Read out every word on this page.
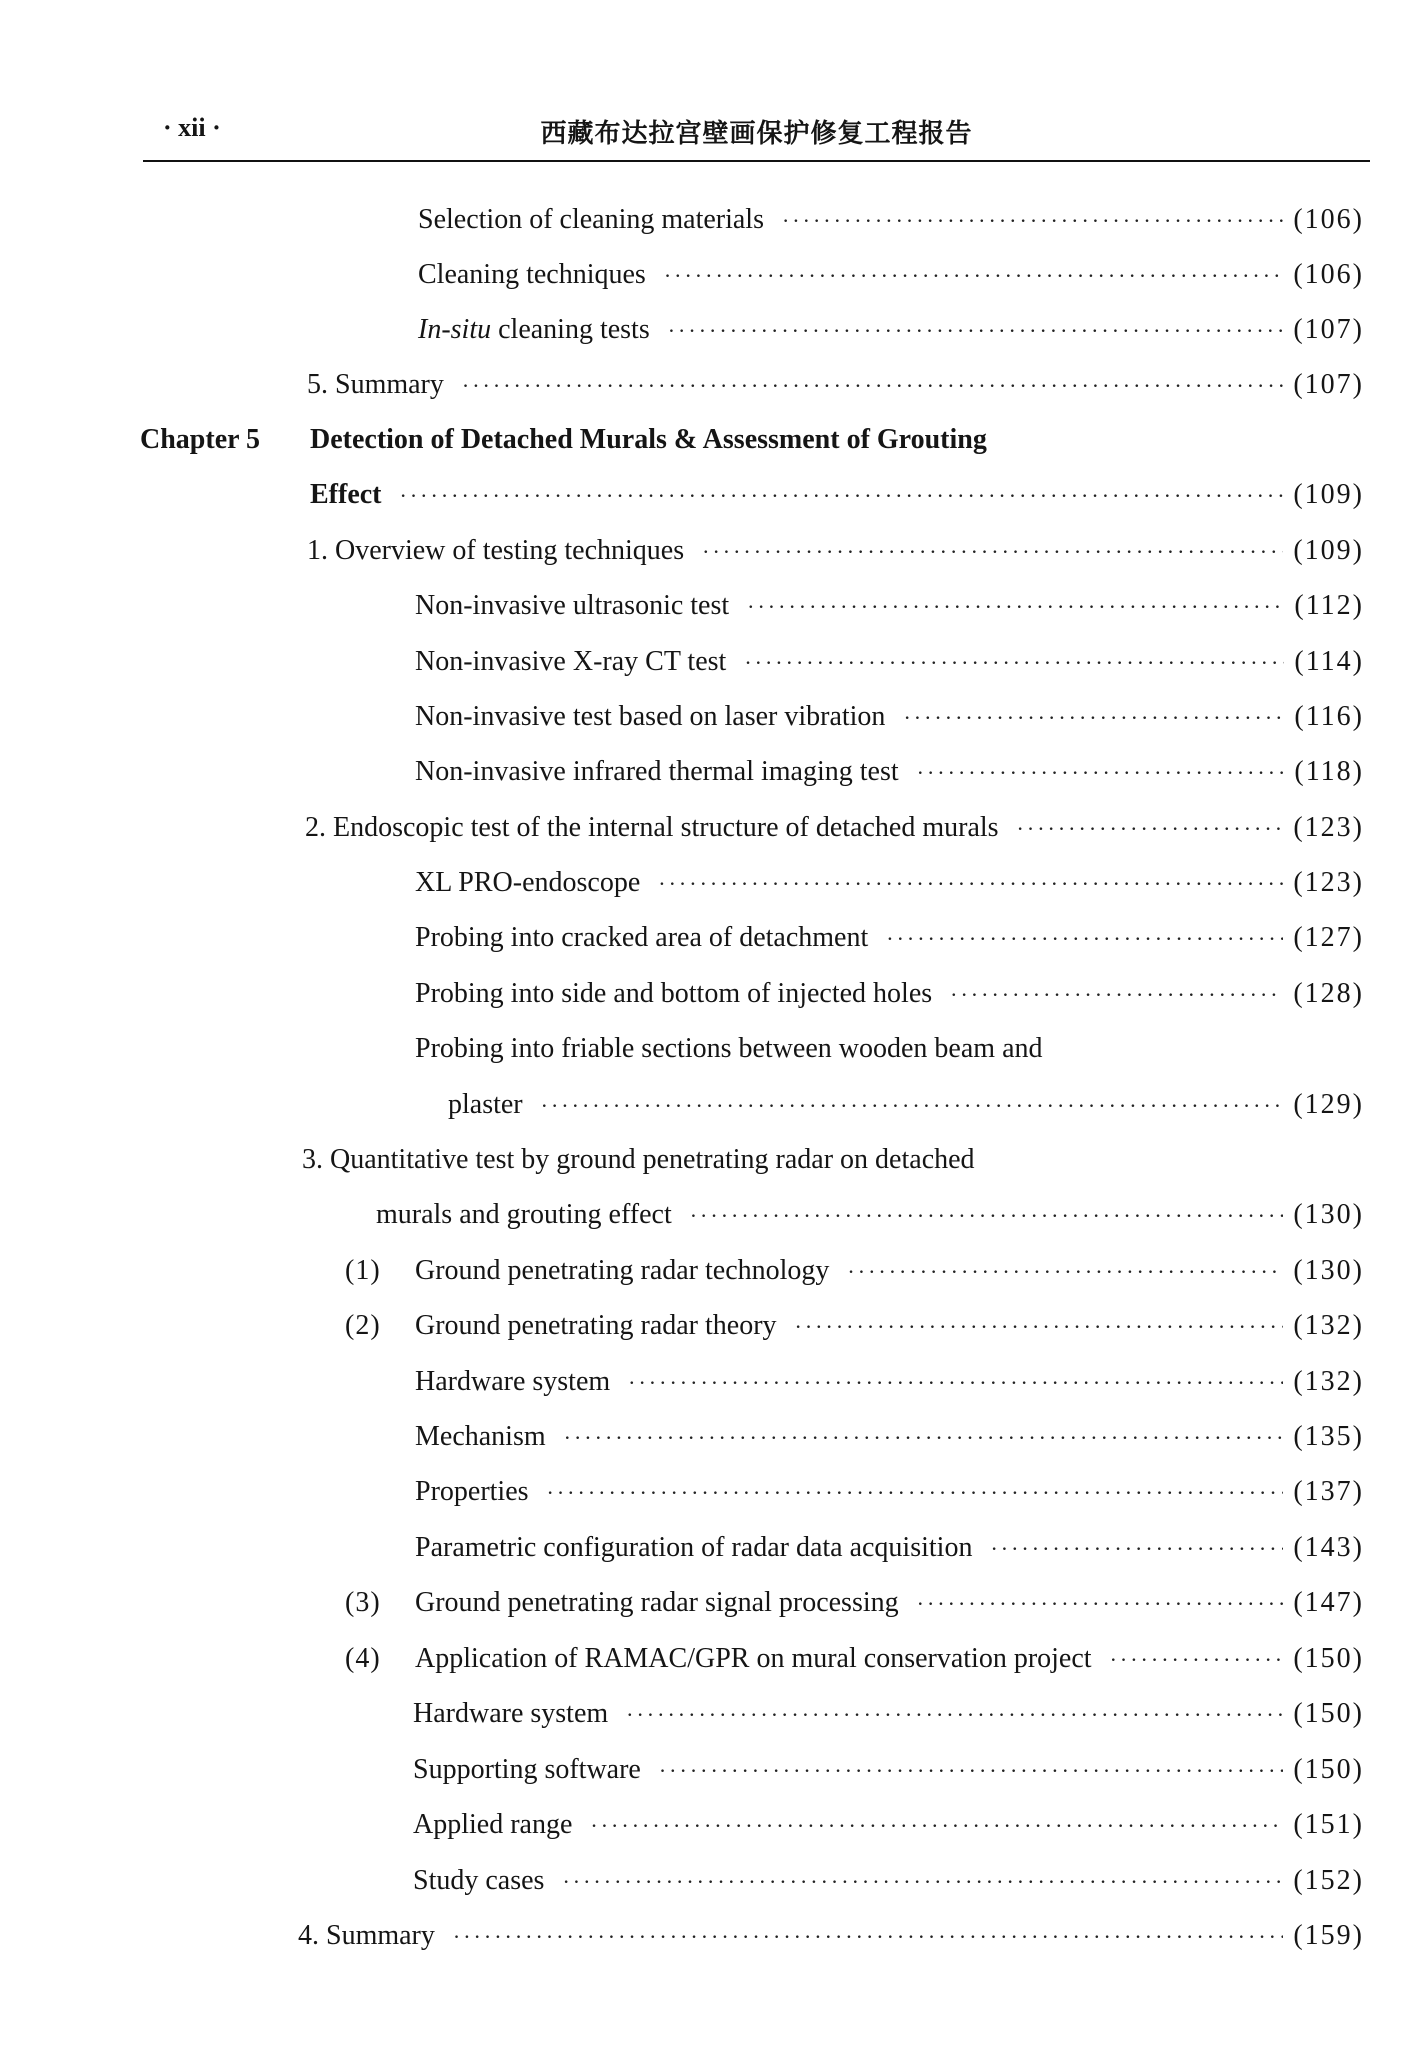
· xii ·	西藏布达拉宫壁画保护修复工程报告
Selection of cleaning materials ·····	(106)
Cleaning techniques ·····	(106)
In-situ cleaning tests ·····	(107)
5. Summary ·····	(107)
Chapter 5 Detection of Detached Murals & Assessment of Grouting
Effect ·····	(109)
1. Overview of testing techniques ·····	(109)
Non-invasive ultrasonic test ·····	(112)
Non-invasive X-ray CT test ·····	(114)
Non-invasive test based on laser vibration ·····	(116)
Non-invasive infrared thermal imaging test ·····	(118)
2. Endoscopic test of the internal structure of detached murals ·····	(123)
XL PRO-endoscope ·····	(123)
Probing into cracked area of detachment ·····	(127)
Probing into side and bottom of injected holes ·····	(128)
Probing into friable sections between wooden beam and
plaster ·····	(129)
3. Quantitative test by ground penetrating radar on detached
murals and grouting effect ·····	(130)
(1) Ground penetrating radar technology ·····	(130)
(2) Ground penetrating radar theory ·····	(132)
Hardware system ·····	(132)
Mechanism ·····	(135)
Properties ·····	(137)
Parametric configuration of radar data acquisition ·····	(143)
(3) Ground penetrating radar signal processing ·····	(147)
(4) Application of RAMAC/GPR on mural conservation project ·····	(150)
Hardware system ·····	(150)
Supporting software ·····	(150)
Applied range ·····	(151)
Study cases ·····	(152)
4. Summary ·····	(159)
